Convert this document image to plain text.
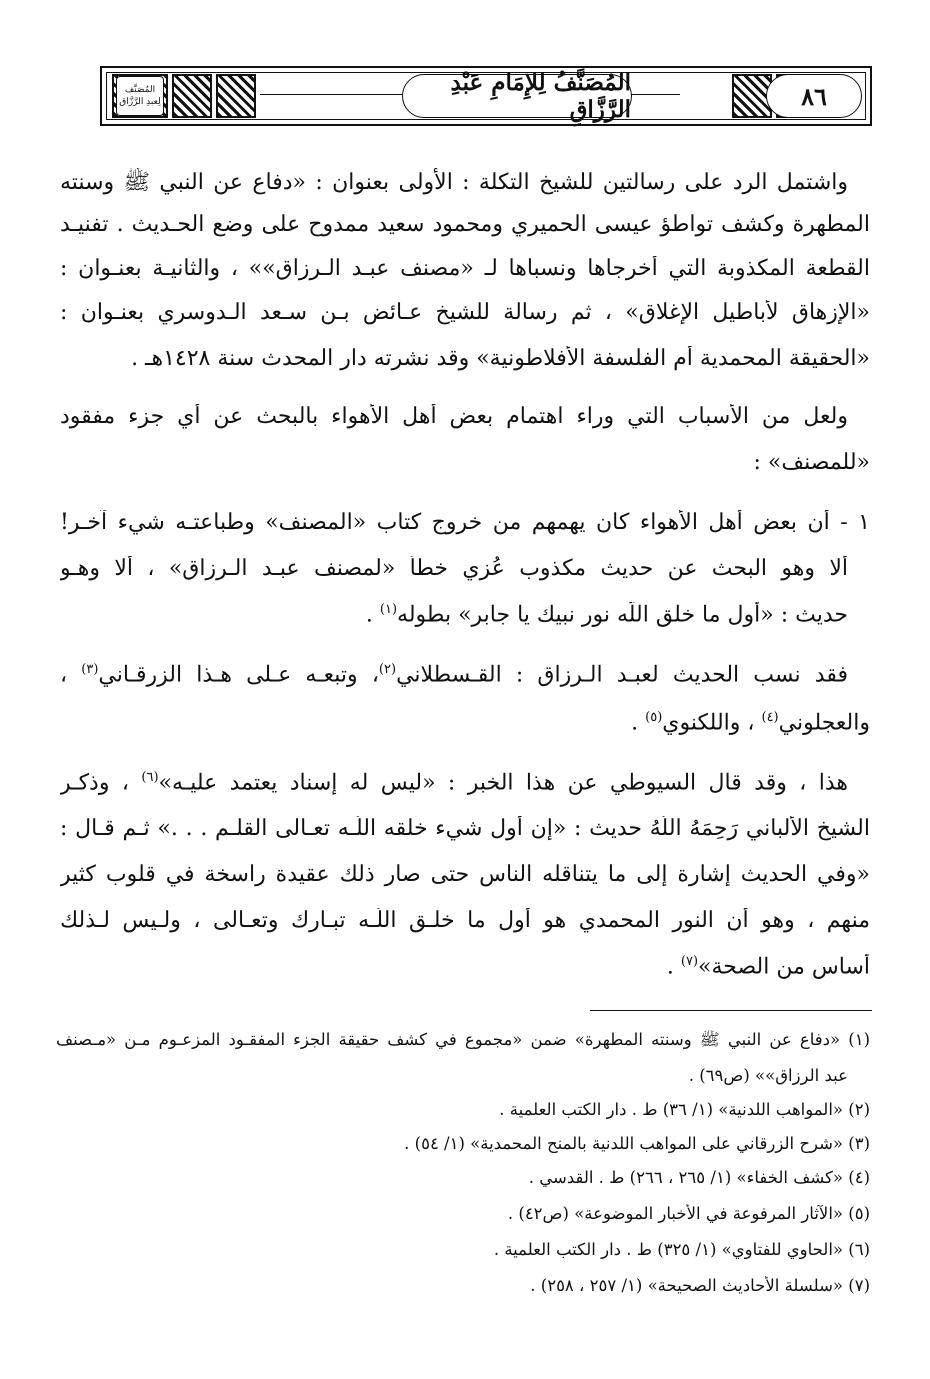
المُصَنَّف لِعبدِ الرَّزَّاق
المُصَنَّفُ لِلإِمَامِ عَبْدِ الرَّزَّاقِ	٨٦
واشتمل الرد على رسالتين للشيخ التكلة : الأولى بعنوان : «دفاع عن النبي ﷺ وسنته
المطهرة وكشف تواطؤ عيسى الحميري ومحمود سعيد ممدوح على وضع الحـديث . تفنيـد
القطعة المكذوبة التي أخرجاها ونسباها لـ «مصنف عبـد الـرزاق»» ، والثانيـة بعنـوان :
«الإزهاق لأباطيل الإغلاق» ، ثم رسالة للشيخ عـائض بـن سـعد الـدوسري بعنـوان :
«الحقيقة المحمدية أم الفلسفة الأفلاطونية» وقد نشرته دار المحدث سنة ١٤٢٨هـ .
ولعل من الأسباب التي وراء اهتمام بعض أهل الأهواء بالبحث عن أي جزء مفقود
«للمصنف» :
١ - أن بعض أهل الأهواء كان يهمهم من خروج كتاب «المصنف» وطباعتـه شيء آخـر!
ألا وهو البحث عن حديث مكذوب عُزي خطأ «لمصنف عبـد الـرزاق» ، ألا وهـو
حديث : «أول ما خلق اللّه نور نبيك يا جابر» بطوله$^{(١)}$ .
فقد نسب الحديث لعبـد الـرزاق : القـسطلاني$^{(٢)}$، وتبعـه عـلى هـذا الزرقـاني$^{(٣)}$ ،
والعجلوني$^{(٤)}$ ، واللكنوي$^{(٥)}$ .
هذا ، وقد قال السيوطي عن هذا الخبر : «ليس له إسناد يعتمد عليـه»$^{(٦)}$ ، وذكـر
الشيخ الألباني رَحِمَهُ اللَّهُ حديث : «إن أول شيء خلقه اللّـه تعـالى القلـم . . .» ثـم قـال :
«وفي الحديث إشارة إلى ما يتناقله الناس حتى صار ذلك عقيدة راسخة في قلوب كثير
منهم ، وهو أن النور المحمدي هو أول ما خلـق اللّـه تبـارك وتعـالى ، ولـيس لـذلك
أساس من الصحة»$^{(٧)}$ .
(١) «دفاع عن النبي ﷺ وسنته المطهرة» ضمن «مجموع في كشف حقيقة الجزء المفقـود المزعـوم مـن «مـصنف
عبد الرزاق»» (ص٦٩) .
(٢) «المواهب اللدنية» (١/ ٣٦) ط . دار الكتب العلمية .
(٣) «شرح الزرقاني على المواهب اللدنية بالمنح المحمدية» (١/ ٥٤) .
(٤) «كشف الخفاء» (١/ ٢٦٥ ، ٢٦٦) ط . القدسي .
(٥) «الآثار المرفوعة في الأخبار الموضوعة» (ص٤٢) .
(٦) «الحاوي للفتاوي» (١/ ٣٢٥) ط . دار الكتب العلمية .
(٧) «سلسلة الأحاديث الصحيحة» (١/ ٢٥٧ ، ٢٥٨) .
